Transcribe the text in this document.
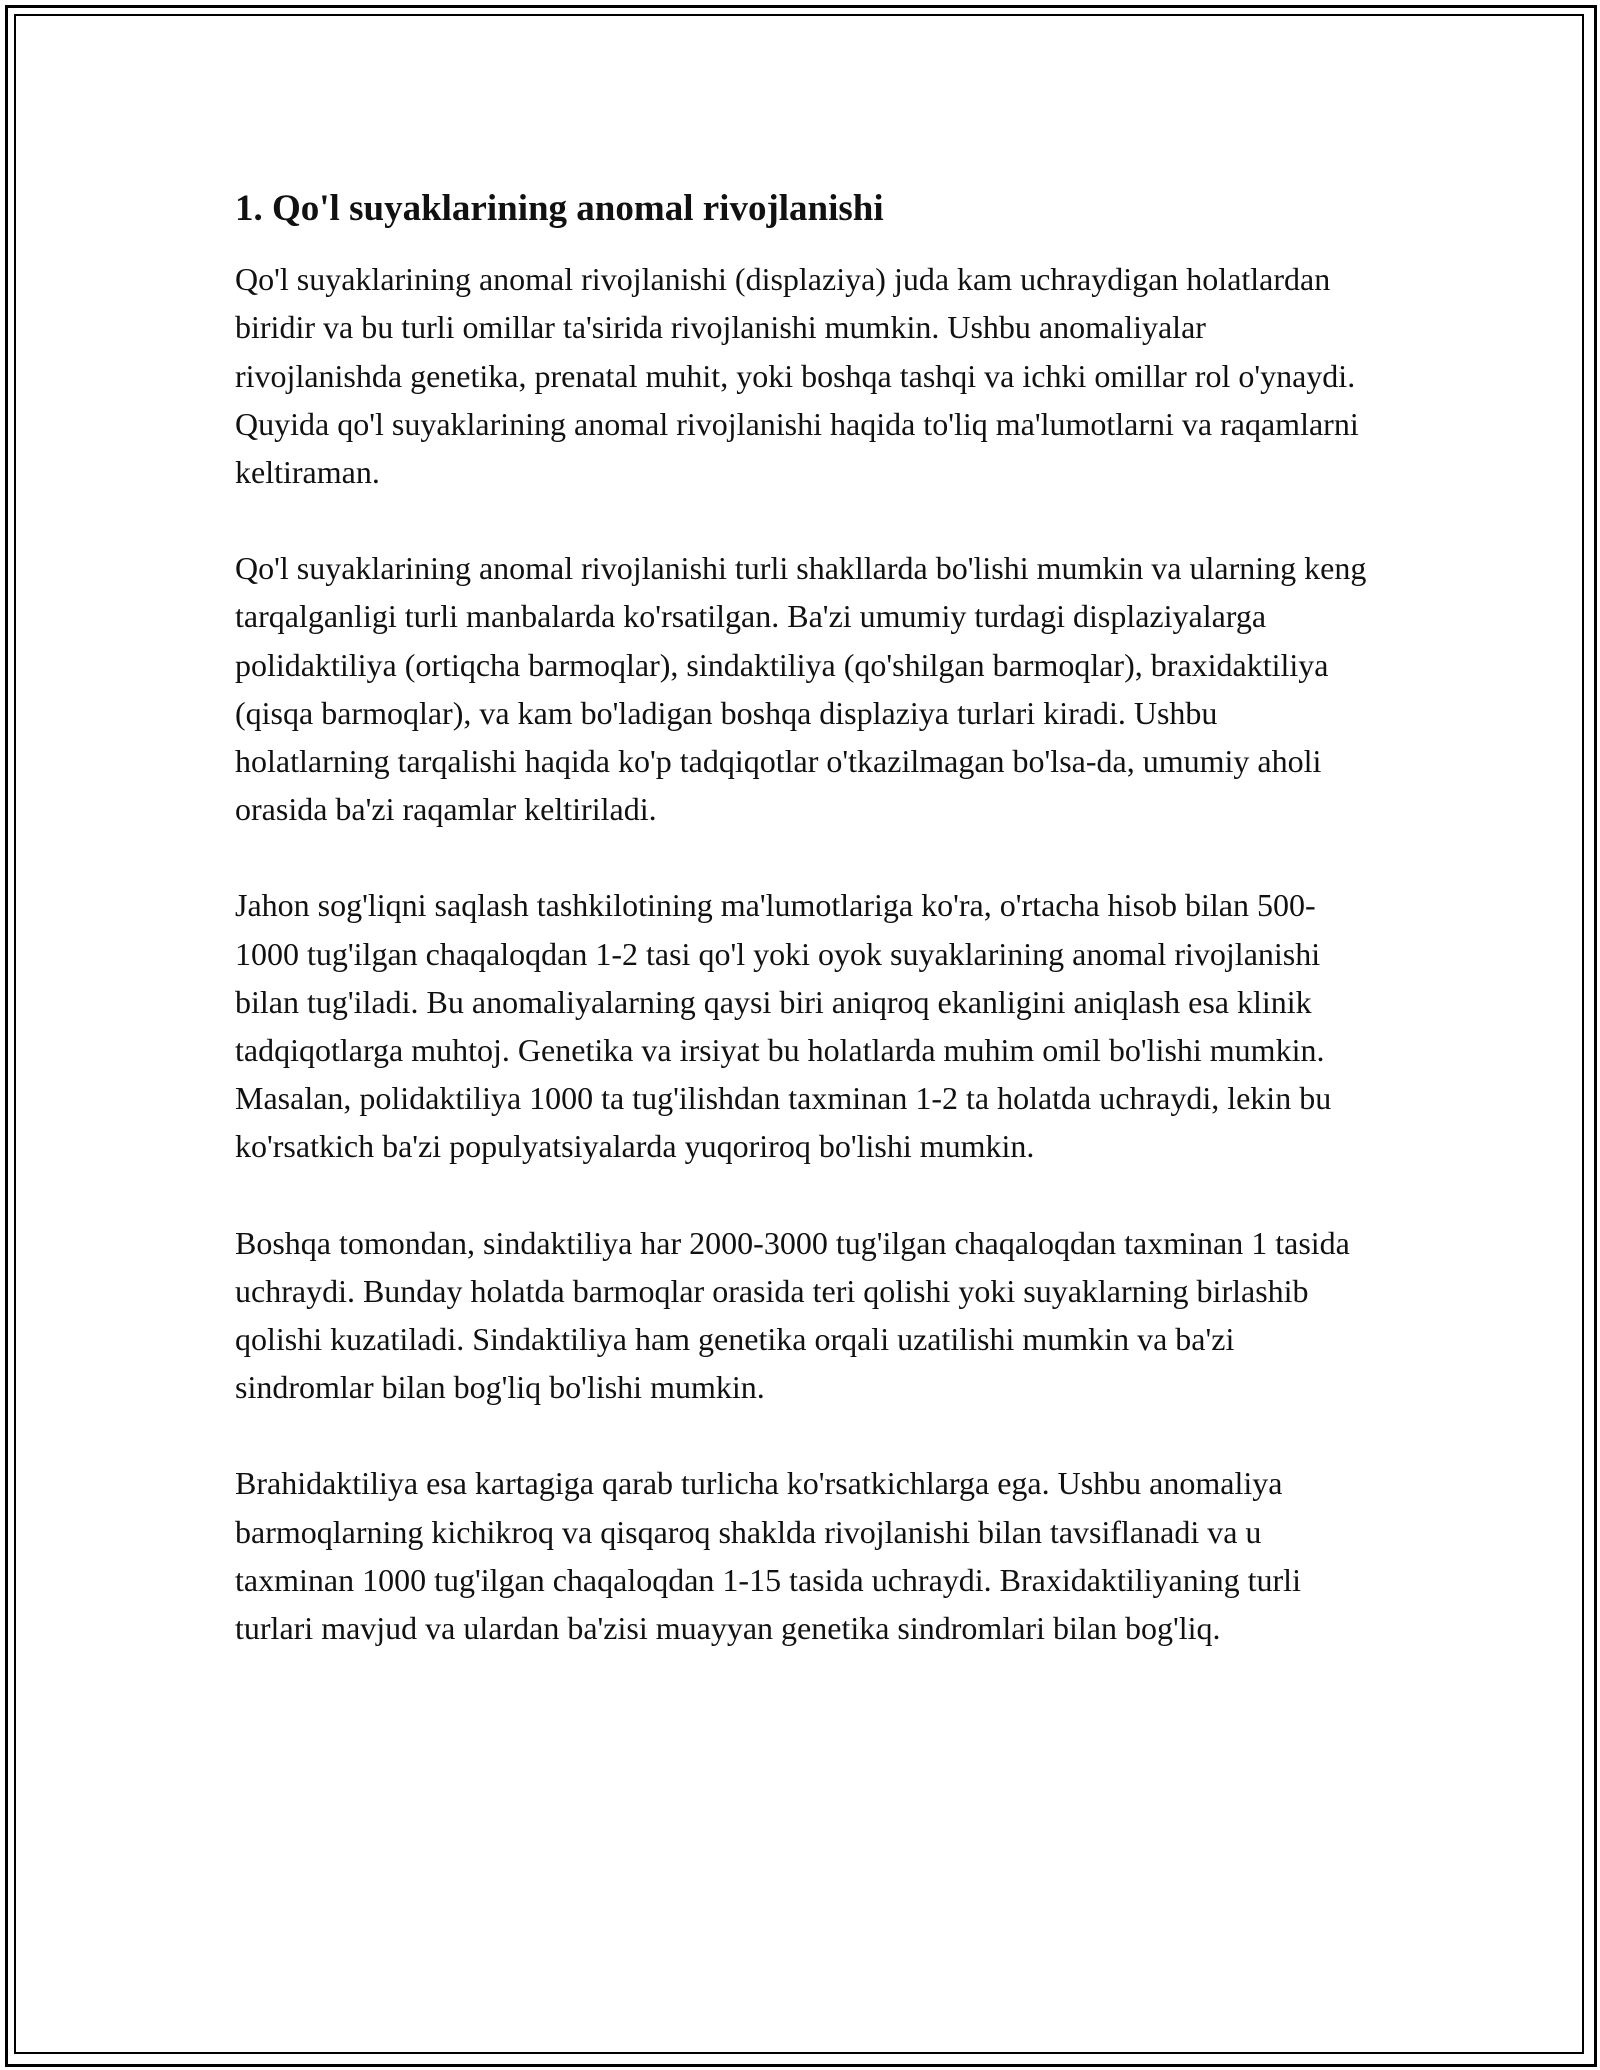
1. Qo'l suyaklarining anomal rivojlanishi

Qo'l suyaklarining anomal rivojlanishi (displaziya) juda kam uchraydigan holatlardan biridir va bu turli omillar ta'sirida rivojlanishi mumkin. Ushbu anomaliyalar rivojlanishda genetika, prenatal muhit, yoki boshqa tashqi va ichki omillar rol o'ynaydi. Quyida qo'l suyaklarining anomal rivojlanishi haqida to'liq ma'lumotlarni va raqamlarni keltiraman.

Qo'l suyaklarining anomal rivojlanishi turli shakllarda bo'lishi mumkin va ularning keng tarqalganligi turli manbalarda ko'rsatilgan. Ba'zi umumiy turdagi displaziyalarga polidaktiliya (ortiqcha barmoqlar), sindaktiliya (qo'shilgan barmoqlar), braxidaktiliya (qisqa barmoqlar), va kam bo'ladigan boshqa displaziya turlari kiradi. Ushbu holatlarning tarqalishi haqida ko'p tadqiqotlar o'tkazilmagan bo'lsa-da, umumiy aholi orasida ba'zi raqamlar keltiriladi.

Jahon sog'liqni saqlash tashkilotining ma'lumotlariga ko'ra, o'rtacha hisob bilan 500-1000 tug'ilgan chaqaloqdan 1-2 tasi qo'l yoki oyok suyaklarining anomal rivojlanishi bilan tug'iladi. Bu anomaliyalarning qaysi biri aniqroq ekanligini aniqlash esa klinik tadqiqotlarga muhtoj. Genetika va irsiyat bu holatlarda muhim omil bo'lishi mumkin. Masalan, polidaktiliya 1000 ta tug'ilishdan taxminan 1-2 ta holatda uchraydi, lekin bu ko'rsatkich ba'zi populyatsiyalarda yuqoriroq bo'lishi mumkin.

Boshqa tomondan, sindaktiliya har 2000-3000 tug'ilgan chaqaloqdan taxminan 1 tasida uchraydi. Bunday holatda barmoqlar orasida teri qolishi yoki suyaklarning birlashib qolishi kuzatiladi. Sindaktiliya ham genetika orqali uzatilishi mumkin va ba'zi sindromlar bilan bog'liq bo'lishi mumkin.

Brahidaktiliya esa kartagiga qarab turlicha ko'rsatkichlarga ega. Ushbu anomaliya barmoqlarning kichikroq va qisqaroq shaklda rivojlanishi bilan tavsiflanadi va u taxminan 1000 tug'ilgan chaqaloqdan 1-15 tasida uchraydi. Braxidaktiliyaning turli turlari mavjud va ulardan ba'zisi muayyan genetika sindromlari bilan bog'liq.
